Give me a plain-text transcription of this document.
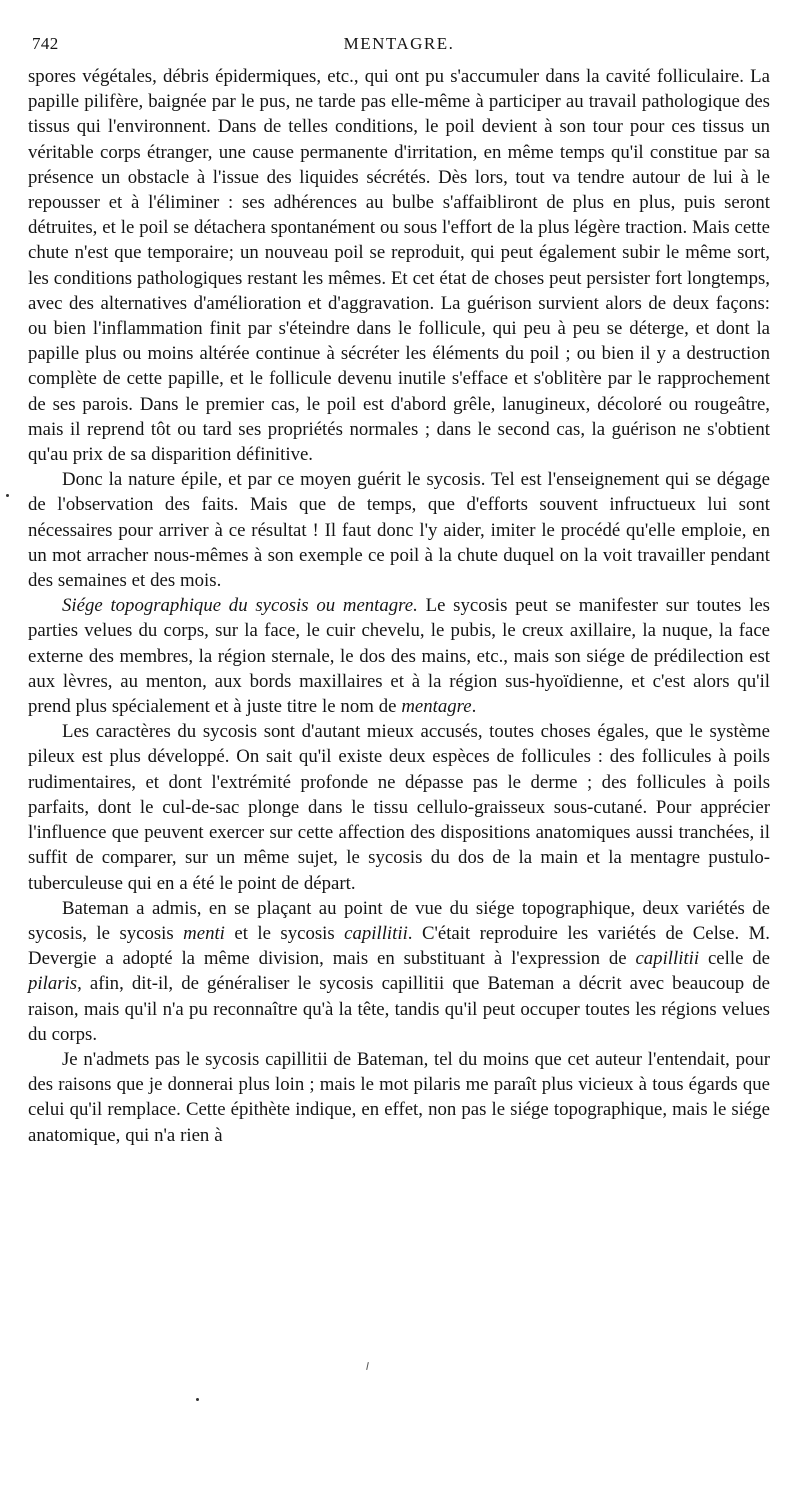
742	MENTAGRE.

spores végétales, débris épidermiques, etc., qui ont pu s'accumuler dans la cavité folliculaire. La papille pilifère, baignée par le pus, ne tarde pas elle-même à participer au travail pathologique des tissus qui l'environnent. Dans de telles conditions, le poil devient à son tour pour ces tissus un véritable corps étranger, une cause permanente d'irritation, en même temps qu'il constitue par sa présence un obstacle à l'issue des liquides sécrétés. Dès lors, tout va tendre autour de lui à le repousser et à l'éliminer : ses adhérences au bulbe s'affaibliront de plus en plus, puis seront détruites, et le poil se détachera spontanément ou sous l'effort de la plus légère traction. Mais cette chute n'est que temporaire; un nouveau poil se reproduit, qui peut également subir le même sort, les conditions pathologiques restant les mêmes. Et cet état de choses peut persister fort longtemps, avec des alternatives d'amélioration et d'aggravation. La guérison survient alors de deux façons: ou bien l'inflammation finit par s'éteindre dans le follicule, qui peu à peu se déterge, et dont la papille plus ou moins altérée continue à sécréter les éléments du poil ; ou bien il y a destruction complète de cette papille, et le follicule devenu inutile s'efface et s'oblitère par le rapprochement de ses parois. Dans le premier cas, le poil est d'abord grêle, lanugineux, décoloré ou rougeâtre, mais il reprend tôt ou tard ses propriétés normales ; dans le second cas, la guérison ne s'obtient qu'au prix de sa disparition définitive.

Donc la nature épile, et par ce moyen guérit le sycosis. Tel est l'enseignement qui se dégage de l'observation des faits. Mais que de temps, que d'efforts souvent infructueux lui sont nécessaires pour arriver à ce résultat ! Il faut donc l'y aider, imiter le procédé qu'elle emploie, en un mot arracher nous-mêmes à son exemple ce poil à la chute duquel on la voit travailler pendant des semaines et des mois.

Siége topographique du sycosis ou mentagre. Le sycosis peut se manifester sur toutes les parties velues du corps, sur la face, le cuir chevelu, le pubis, le creux axillaire, la nuque, la face externe des membres, la région sternale, le dos des mains, etc., mais son siége de prédilection est aux lèvres, au menton, aux bords maxillaires et à la région sus-hyoïdienne, et c'est alors qu'il prend plus spécialement et à juste titre le nom de mentagre.

Les caractères du sycosis sont d'autant mieux accusés, toutes choses égales, que le système pileux est plus développé. On sait qu'il existe deux espèces de follicules : des follicules à poils rudimentaires, et dont l'extrémité profonde ne dépasse pas le derme ; des follicules à poils parfaits, dont le cul-de-sac plonge dans le tissu cellulo-graisseux sous-cutané. Pour apprécier l'influence que peuvent exercer sur cette affection des dispositions anatomiques aussi tranchées, il suffit de comparer, sur un même sujet, le sycosis du dos de la main et la mentagre pustulo-tuberculeuse qui en a été le point de départ.

Bateman a admis, en se plaçant au point de vue du siége topographique, deux variétés de sycosis, le sycosis menti et le sycosis capillitii. C'était reproduire les variétés de Celse. M. Devergie a adopté la même division, mais en substituant à l'expression de capillitii celle de pilaris, afin, dit-il, de généraliser le sycosis capillitii que Bateman a décrit avec beaucoup de raison, mais qu'il n'a pu reconnaître qu'à la tête, tandis qu'il peut occuper toutes les régions velues du corps.

Je n'admets pas le sycosis capillitii de Bateman, tel du moins que cet auteur l'entendait, pour des raisons que je donnerai plus loin ; mais le mot pilaris me paraît plus vicieux à tous égards que celui qu'il remplace. Cette épithète indique, en effet, non pas le siége topographique, mais le siége anatomique, qui n'a rien à
